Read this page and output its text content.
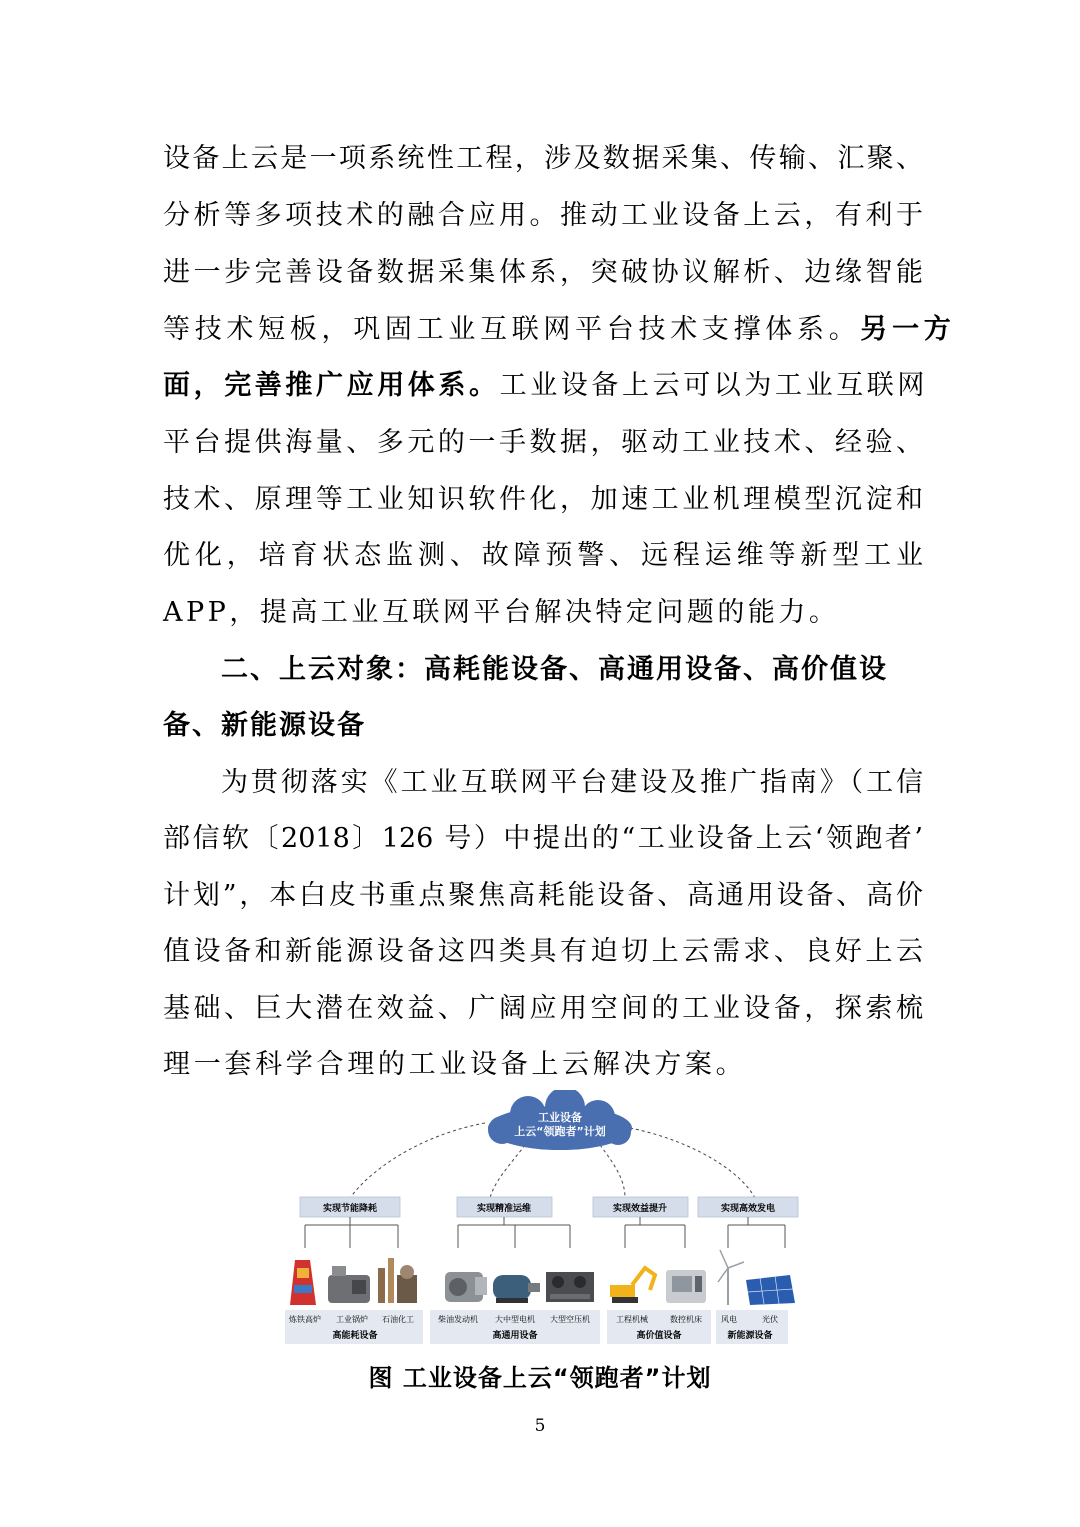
设备上云是一项系统性工程，涉及数据采集、传输、汇聚、
分析等多项技术的融合应用。推动工业设备上云，有利于
进一步完善设备数据采集体系，突破协议解析、边缘智能
等技术短板，巩固工业互联网平台技术支撑体系。另一方
面，完善推广应用体系。工业设备上云可以为工业互联网
平台提供海量、多元的一手数据，驱动工业技术、经验、
技术、原理等工业知识软件化，加速工业机理模型沉淀和
优化，培育状态监测、故障预警、远程运维等新型工业
APP，提高工业互联网平台解决特定问题的能力。
二、上云对象：高耗能设备、高通用设备、高价值设
备、新能源设备
为贯彻落实《工业互联网平台建设及推广指南》（工信
部信软〔2018〕126 号）中提出的“工业设备上云‘领跑者’
计划”，本白皮书重点聚焦高耗能设备、高通用设备、高价
值设备和新能源设备这四类具有迫切上云需求、良好上云
基础、巨大潜在效益、广阔应用空间的工业设备，探索梳
理一套科学合理的工业设备上云解决方案。
工业设备
上云“领跑者”计划
实现节能降耗	实现精准运维	实现效益提升	实现高效发电
炼铁高炉 工业锅炉 石油化工	柴油发动机 大中型电机 大型空压机	工程机械	数控机床 风电	光伏
高能耗设备	高通用设备	高价值设备	新能源设备
图 工业设备上云“领跑者”计划
5
